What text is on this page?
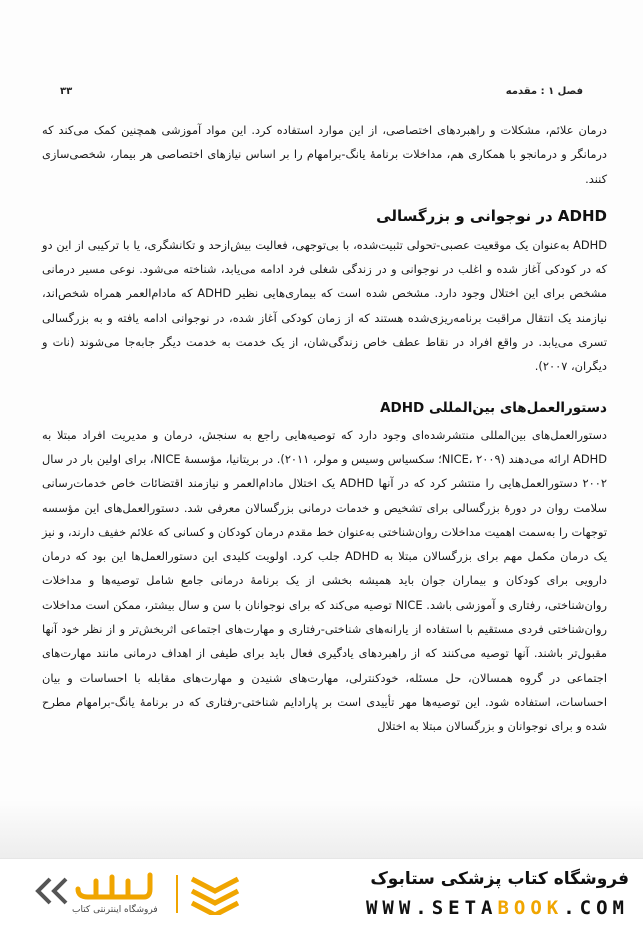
فصل ۱ : مقدمه
۳۳

درمان علائم، مشکلات و راهبردهای اختصاصی، از این موارد استفاده کرد. این مواد آموزشی همچنین کمک می‌کند که درمانگر و درمانجو با همکاری هم، مداخلات برنامهٔ یانگ-برامهام را بر اساس نیازهای اختصاصی هر بیمار، شخصی‌سازی کنند.

ADHD در نوجوانی و بزرگسالی

ADHD به‌عنوان یک موقعیت عصبی-تحولی تثبیت‌شده، با بی‌توجهی، فعالیت بیش‌ازحد و تکانشگری، یا با ترکیبی از این دو که در کودکی آغاز شده و اغلب در نوجوانی و در زندگی شغلی فرد ادامه می‌یابد، شناخته می‌شود. نوعی مسیر درمانی مشخص برای این اختلال وجود دارد. مشخص شده است که بیماری‌هایی نظیر ADHD که مادام‌العمر همراه شخص‌اند، نیازمند یک انتقال مراقبت برنامه‌ریزی‌شده هستند که از زمان کودکی آغاز شده، در نوجوانی ادامه یافته و به بزرگسالی تسری می‌یابد. در واقع افراد در نقاط عطف خاص زندگی‌شان، از یک خدمت به خدمت دیگر جابه‌جا می‌شوند (نات و دیگران، ۲۰۰۷).

دستورالعمل‌های بین‌المللی ADHD

دستورالعمل‌های بین‌المللی منتشرشده‌ای وجود دارد که توصیه‌هایی راجع به سنجش، درمان و مدیریت افراد مبتلا به ADHD ارائه می‌دهند (NICE، ۲۰۰۹؛ سکسیاس وسیس و مولر، ۲۰۱۱). در بریتانیا، مؤسسهٔ NICE، برای اولین بار در سال ۲۰۰۲ دستورالعمل‌هایی را منتشر کرد که در آنها ADHD یک اختلال مادام‌العمر و نیازمند اقتضائات خاص خدمات‌رسانی سلامت روان در دورهٔ بزرگسالی برای تشخیص و خدمات درمانی بزرگسالان معرفی شد. دستورالعمل‌های این مؤسسه توجهات را به‌سمت اهمیت مداخلات روان‌شناختی به‌عنوان خط مقدم درمان کودکان و کسانی که علائم خفیف دارند، و نیز یک درمان مکمل مهم برای بزرگسالان مبتلا به ADHD جلب کرد. اولویت کلیدی این دستورالعمل‌ها این بود که درمان دارویی برای کودکان و بیماران جوان باید همیشه بخشی از یک برنامهٔ درمانی جامع شامل توصیه‌ها و مداخلات روان‌شناختی، رفتاری و آموزشی باشد. NICE توصیه می‌کند که برای نوجوانان با سن و سال بیشتر، ممکن است مداخلات روان‌شناختی فردی مستقیم با استفاده از یارانه‌های شناختی-رفتاری و مهارت‌های اجتماعی اثربخش‌تر و از نظر خود آنها مقبول‌تر باشند. آنها توصیه می‌کنند که از راهبردهای یادگیری فعال باید برای طیفی از اهداف درمانی مانند مهارت‌های اجتماعی در گروه همسالان، حل مسئله، خودکنترلی، مهارت‌های شنیدن و مهارت‌های مقابله با احساسات و بیان احساسات، استفاده شود. این توصیه‌ها مهر تأییدی است بر پارادایم شناختی-رفتاری که در برنامهٔ یانگ-برامهام مطرح شده و برای نوجوانان و بزرگسالان مبتلا به اختلال

ستابوک
فروشگاه اینترنتی کتاب
فروشگاه کتاب پزشکی ستابوک
WWW.SETABOOK.COM
